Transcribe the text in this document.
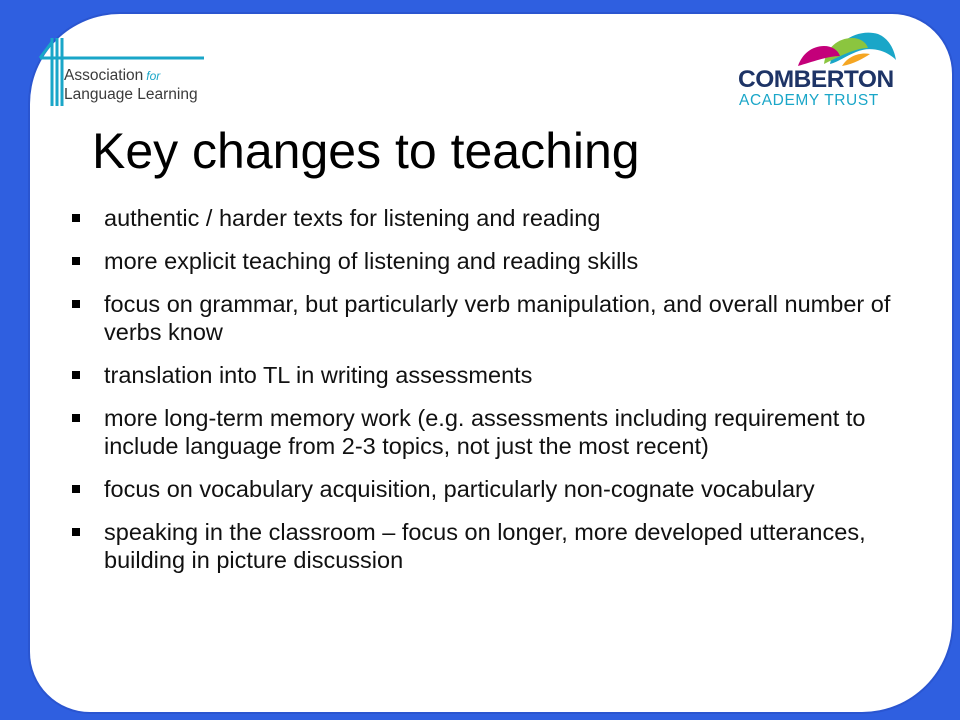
Association for
Language Learning
COMBERTON
ACADEMY TRUST
Key changes to teaching
authentic / harder texts for listening and reading
more explicit teaching of listening and reading skills
focus on grammar, but particularly verb manipulation, and overall number of verbs know
translation into TL in writing assessments
more long-term memory work (e.g. assessments including requirement to include language from 2-3 topics, not just the most recent)
focus on vocabulary acquisition, particularly non-cognate vocabulary
speaking in the classroom – focus on longer, more developed utterances, building in picture discussion
